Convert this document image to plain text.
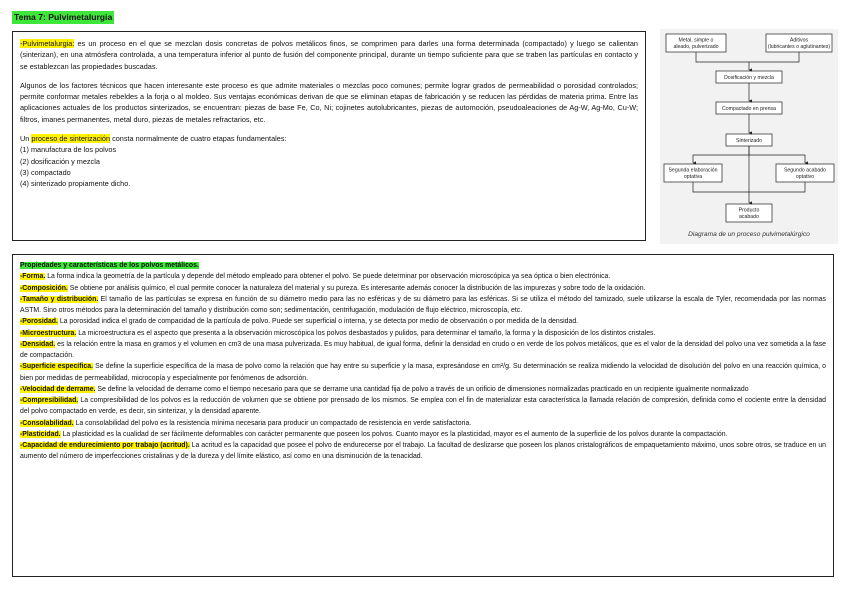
Tema 7: Pulvimetalurgia

-Pulvimetalurgia: es un proceso en el que se mezclan dosis concretas de polvos metálicos finos, se comprimen para darles una forma determinada (compactado) y luego se calientan (sinterizan), en una atmósfera controlada, a una temperatura inferior al punto de fusión del componente principal, durante un tiempo suficiente para que se traben las partículas en contacto y se establezcan las propiedades buscadas.

Algunos de los factores técnicos que hacen interesante este proceso es que admite materiales o mezclas poco comunes; permite lograr grados de permeabilidad o porosidad controlados; permite conformar metales rebeldes a la forja o al moldeo. Sus ventajas económicas derivan de que se eliminan etapas de fabricación y se reducen las pérdidas de materia prima. Entre las aplicaciones actuales de los productos sinterizados, se encuentran: piezas de base Fe, Co, Ni; cojinetes autolubricantes, piezas de automoción, pseudoaleaciones de Ag-W, Ag-Mo, Cu-W; filtros, imanes permanentes, metal duro, piezas de metales refractarios, etc.

Un proceso de sinterización consta normalmente de cuatro etapas fundamentales:

(1) manufactura de los polvos
(2) dosificación y mezcla
(3) compactado
(4) sinterizado propiamente dicho.
Metal, simple o
aleado, pulverizado
Aditivos
(lubricantes o aglutinantes)
Dosificación y mezcla
Compactado en prensa
Sinterizado
Segunda elaboración
optativa
Segundo acabado
optativo
Producto
acabado
Diagrama de un proceso pulvimetalúrgico

Propiedades y características de los polvos metálicos.

-Forma. La forma indica la geometría de la partícula y depende del método empleado para obtener el polvo. Se puede determinar por observación microscópica ya sea óptica o bien electrónica.

-Composición. Se obtiene por análisis químico, el cual permite conocer la naturaleza del material y su pureza. Es interesante además conocer la distribución de las impurezas y sobre todo de la oxidación.

-Tamaño y distribución. El tamaño de las partículas se expresa en función de su diámetro medio para las no esféricas y de su diámetro para las esféricas. Si se utiliza el método del tamizado, suele utilizarse la escala de Tyler, recomendada por las normas ASTM. Sino otros métodos para la determinación del tamaño y distribución como son; sedimentación, centrifugación, modulación de flujo eléctrico, microscopía, etc.

-Porosidad. La porosidad indica el grado de compacidad de la partícula de polvo. Puede ser superficial o interna, y se detecta por medio de observación o por medida de la densidad.

-Microestructura. La microestructura es el aspecto que presenta a la observación microscópica los polvos desbastados y pulidos, para determinar el tamaño, la forma y la disposición de los distintos cristales.

-Densidad. es la relación entre la masa en gramos y el volumen en cm3 de una masa pulverizada. Es muy habitual, de igual forma, definir la densidad en crudo o en verde de los polvos metálicos, que es el valor de la densidad del polvo una vez sometida a la fase de compactación.

-Superficie específica. Se define la superficie específica de la masa de polvo como la relación que hay entre su superficie y la masa, expresándose en cm²/g. Su determinación se realiza midiendo la velocidad de disolución del polvo en una reacción química, o bien por medidas de permeabilidad, microcopía y especialmente por fenómenos de adsorción.

-Velocidad de derrame. Se define la velocidad de derrame como el tiempo necesario para que se derrame una cantidad fija de polvo a través de un orificio de dimensiones normalizadas practicado en un recipiente igualmente normalizado

-Compresibilidad. La compresibilidad de los polvos es la reducción de volumen que se obtiene por prensado de los mismos. Se emplea con el fin de materializar esta característica la llamada relación de compresión, definida como el cociente entre la densidad del polvo compactado en verde, es decir, sin sinterizar, y la densidad aparente.

-Consolabilidad. La consolabilidad del polvo es la resistencia mínima necesaria para producir un compactado de resistencia en verde satisfactoria.

-Plasticidad. La plasticidad es la cualidad de ser fácilmente deformables con carácter permanente que poseen los polvos. Cuanto mayor es la plasticidad, mayor es el aumento de la superficie de los polvos durante la compactación.

-Capacidad de endurecimiento por trabajo (acritud). La acritud es la capacidad que posee el polvo de endurecerse por el trabajo. La facultad de deslizarse que poseen los planos cristalográficos de empaquetamiento máximo, unos sobre otros, se traduce en un aumento del número de imperfecciones cristalinas y de la dureza y del límite elástico, así como en una disminución de la tenacidad.
